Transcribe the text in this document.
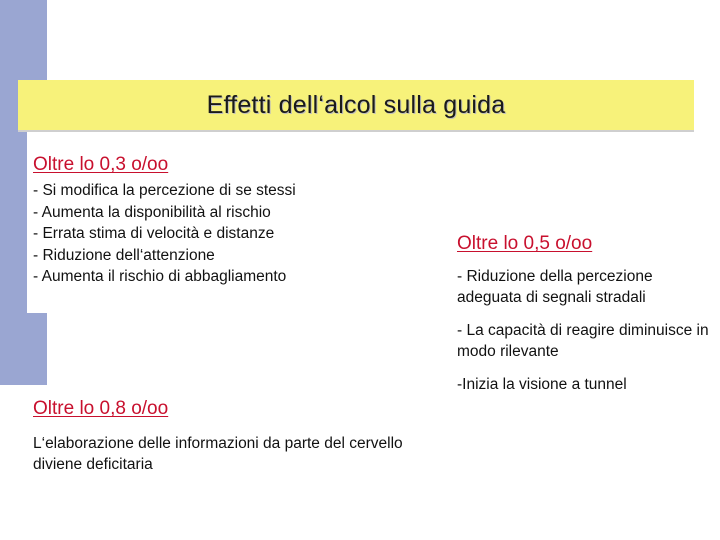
Effetti dell‘alcol sulla guida
Oltre lo 0,3 o/oo
- Si modifica la percezione di se stessi
- Aumenta la disponibilità al rischio
- Errata stima di velocità e distanze
- Riduzione dell‘attenzione
- Aumenta il rischio di abbagliamento
Oltre lo 0,5 o/oo
- Riduzione della percezione adeguata di segnali stradali
- La capacità di reagire diminuisce in modo rilevante
-Inizia la visione a tunnel
Oltre lo 0,8 o/oo
L‘elaborazione delle informazioni da parte del cervello diviene deficitaria
